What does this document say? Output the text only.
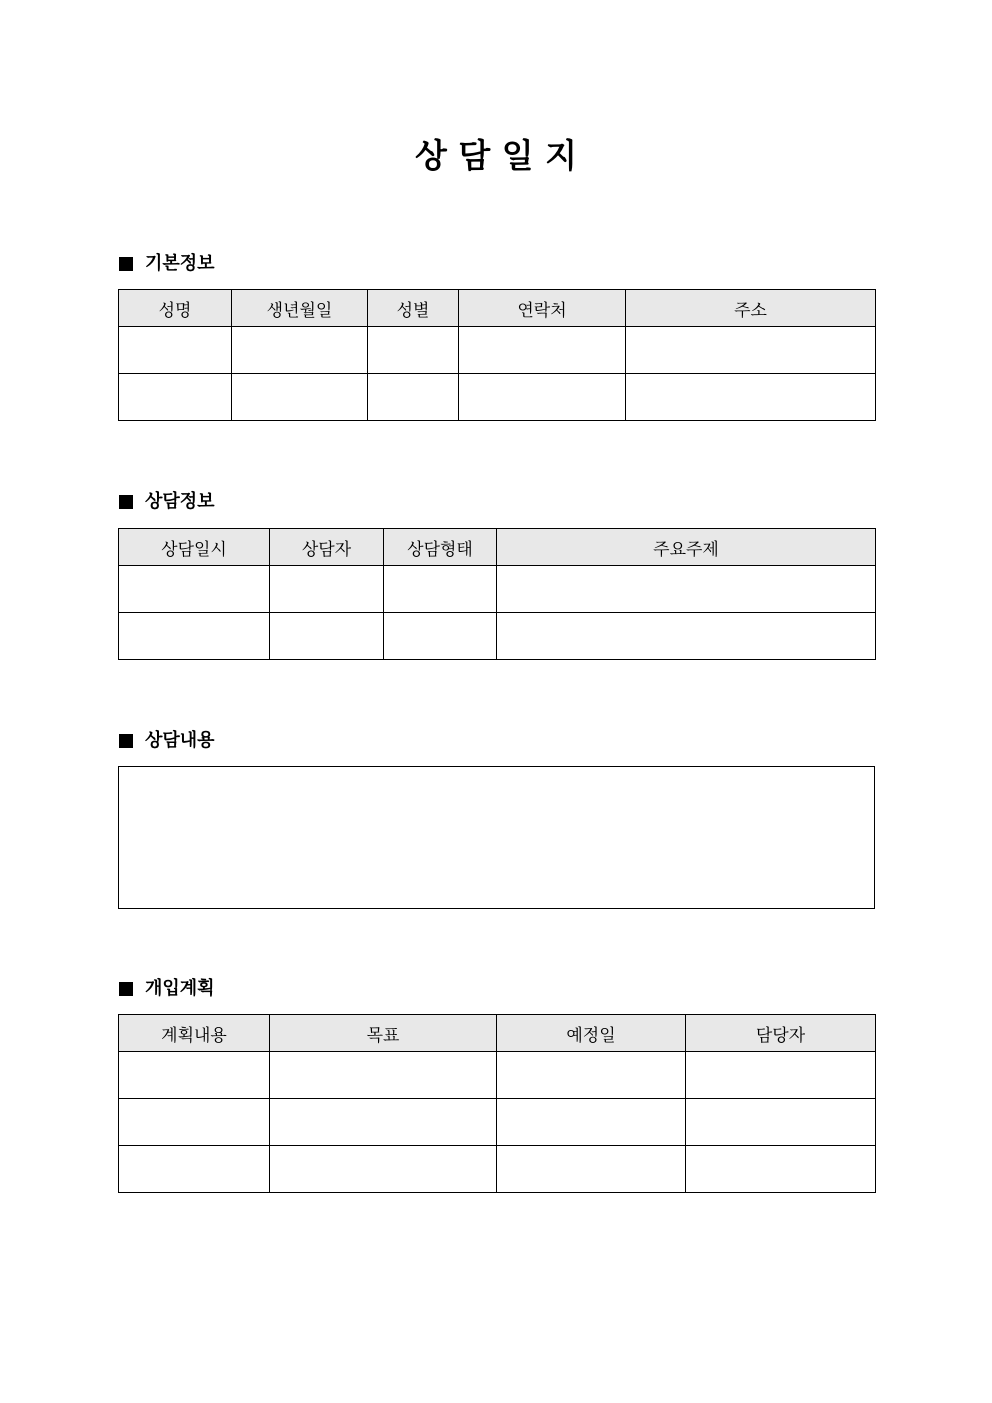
상 담 일 지
기본정보
성명	생년월일	성별	연락처	주소

상담정보
상담일시	상담자	상담형태	주요주제

상담내용
개입계획
계획내용	목표	예정일	담당자
